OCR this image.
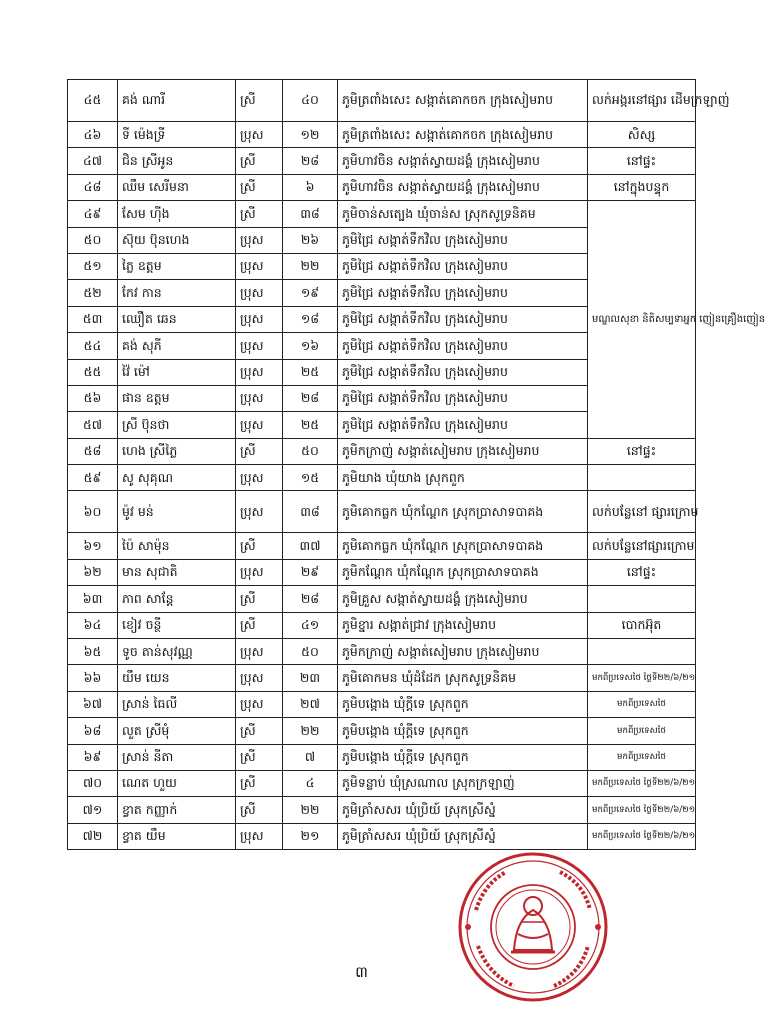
៤៥	គង់ ណារី	ស្រី	៤០	ភូមិត្រពាំងសេះ សង្កាត់គោកចក ក្រុងសៀមរាប	លក់អង្ករនៅផ្សារ ដើមក្រឡាញ់
៤៦	ទី ម៉េងទ្រី	ប្រុស	១២	ភូមិត្រពាំងសេះ សង្កាត់គោកចក ក្រុងសៀមរាប	សិស្ស
៤៧	ជិន ស្រីអូន	ស្រី	២៨	ភូមិហាវចិន សង្កាត់ស្វាយដង្គំ ក្រុងសៀមរាប	នៅផ្ទះ
៤៨	ឈឹម សេរីមនា	ស្រី	៦	ភូមិហាវចិន សង្កាត់ស្វាយដង្គំ ក្រុងសៀមរាប	នៅក្នុងបន្ទុក
៤៩	សែម ហ៊ីង	ស្រី	៣៨	ភូមិចាន់សត្បេង ឃុំចាន់ស ស្រុកសូទ្រនិគម	មណ្ឌលសុខា និតិសម្បទាអ្នក ញៀនគ្រឿងញៀន
៥០	ស៊ុយ ប៊ុនហេង	ប្រុស	២៦	ភូមិជ្រៃ សង្កាត់ទឹកវិល ក្រុងសៀមរាប	
៥១	ភ្លៃ ឧត្តម	ប្រុស	២២	ភូមិជ្រៃ សង្កាត់ទឹកវិល ក្រុងសៀមរាប	
៥២	កែវ កាន	ប្រុស	១៩	ភូមិជ្រៃ សង្កាត់ទឹកវិល ក្រុងសៀមរាប	
៥៣	ឈឿត ឆេន	ប្រុស	១៨	ភូមិជ្រៃ សង្កាត់ទឹកវិល ក្រុងសៀមរាប	
៥៤	គង់ សុភី	ប្រុស	១៦	ភូមិជ្រៃ សង្កាត់ទឹកវិល ក្រុងសៀមរាប	
៥៥	វ៉ៃ ម៉ៅ	ប្រុស	២៥	ភូមិជ្រៃ សង្កាត់ទឹកវិល ក្រុងសៀមរាប	
៥៦	ផាន ឧត្តម	ប្រុស	២៨	ភូមិជ្រៃ សង្កាត់ទឹកវិល ក្រុងសៀមរាប	
៥៧	ស្រី ប៊ុនថា	ប្រុស	២៥	ភូមិជ្រៃ សង្កាត់ទឹកវិល ក្រុងសៀមរាប	
៥៨	ហេង ស្រីភ្លៃ	ស្រី	៥០	ភូមិកក្រាញ់ សង្កាត់សៀមរាប ក្រុងសៀមរាប	នៅផ្ទះ
៥៩	សូ សុគុណ	ប្រុស	១៥	ភូមិយាង ឃុំយាង ស្រុកពួក	
៦០	ម៉ូវ មន់	ប្រុស	៣៨	ភូមិគោកធ្លក ឃុំកណ្តែក ស្រុកប្រាសាទបាគង	លក់បន្លែនៅ ផ្សារក្រោម
៦១	ប៉ៃ សាម៉ុន	ស្រី	៣៧	ភូមិគោកធ្លក ឃុំកណ្តែក ស្រុកប្រាសាទបាគង	លក់បន្លែនៅផ្សារក្រោម
៦២	មាន សុជាតិ	ប្រុស	២៩	ភូមិកណ្តែក ឃុំកណ្តែក ស្រុកប្រាសាទបាគង	នៅផ្ទះ
៦៣	ភាព សាន្តែ	ស្រី	២៨	ភូមិគ្រួស សង្កាត់ស្វាយដង្គំ ក្រុងសៀមរាប	
៦៤	ខៀវ ចន្ថី	ស្រី	៤១	ភូមិខ្នារ សង្កាត់ជ្រាវ ក្រុងសៀមរាប	បោកអ៊ុត
៦៥	ទូច តាន់សុវណ្ណ	ប្រុស	៥០	ភូមិកក្រាញ់ សង្កាត់សៀមរាប ក្រុងសៀមរាប	
៦៦	យឹម យេន	ប្រុស	២៣	ភូមិគោកមន ឃុំដំដែក ស្រុកសូទ្រនិគម	មកពីប្រទេសថៃ ថ្ងៃទី២២/៦/២១
៦៧	ស្រាន់ ធៃលី	ប្រុស	២៧	ភូមិបង្កោង ឃុំក្តីទេ ស្រុកពួក	មកពីប្រទេសថៃ
៦៨	លួត ស្រីមុំ	ស្រី	២២	ភូមិបង្កោង ឃុំក្តីទេ ស្រុកពួក	មកពីប្រទេសថៃ
៦៩	ស្រាន់ នីតា	ស្រី	៧	ភូមិបង្កោង ឃុំក្តីទេ ស្រុកពួក	មកពីប្រទេសថៃ
៧០	ណេត ហួយ	ស្រី	៤	ភូមិទន្លាប់ ឃុំស្រណាល ស្រុកក្រឡាញ់	មកពីប្រទេសថៃ ថ្ងៃទី២២/៦/២១
៧១	ខ្វាត កញ្ញាក់	ស្រី	២២	ភូមិត្រាំសសរ ឃុំប្រិយ៍ ស្រុកស្រីស្នំ	មកពីប្រទេសថៃ ថ្ងៃទី២២/៦/២១
៧២	ខ្វាត យឹម	ប្រុស	២១	ភូមិត្រាំសសរ ឃុំប្រិយ៍ ស្រុកស្រីស្នំ	មកពីប្រទេសថៃ ថ្ងៃទី២២/៦/២១
៣
